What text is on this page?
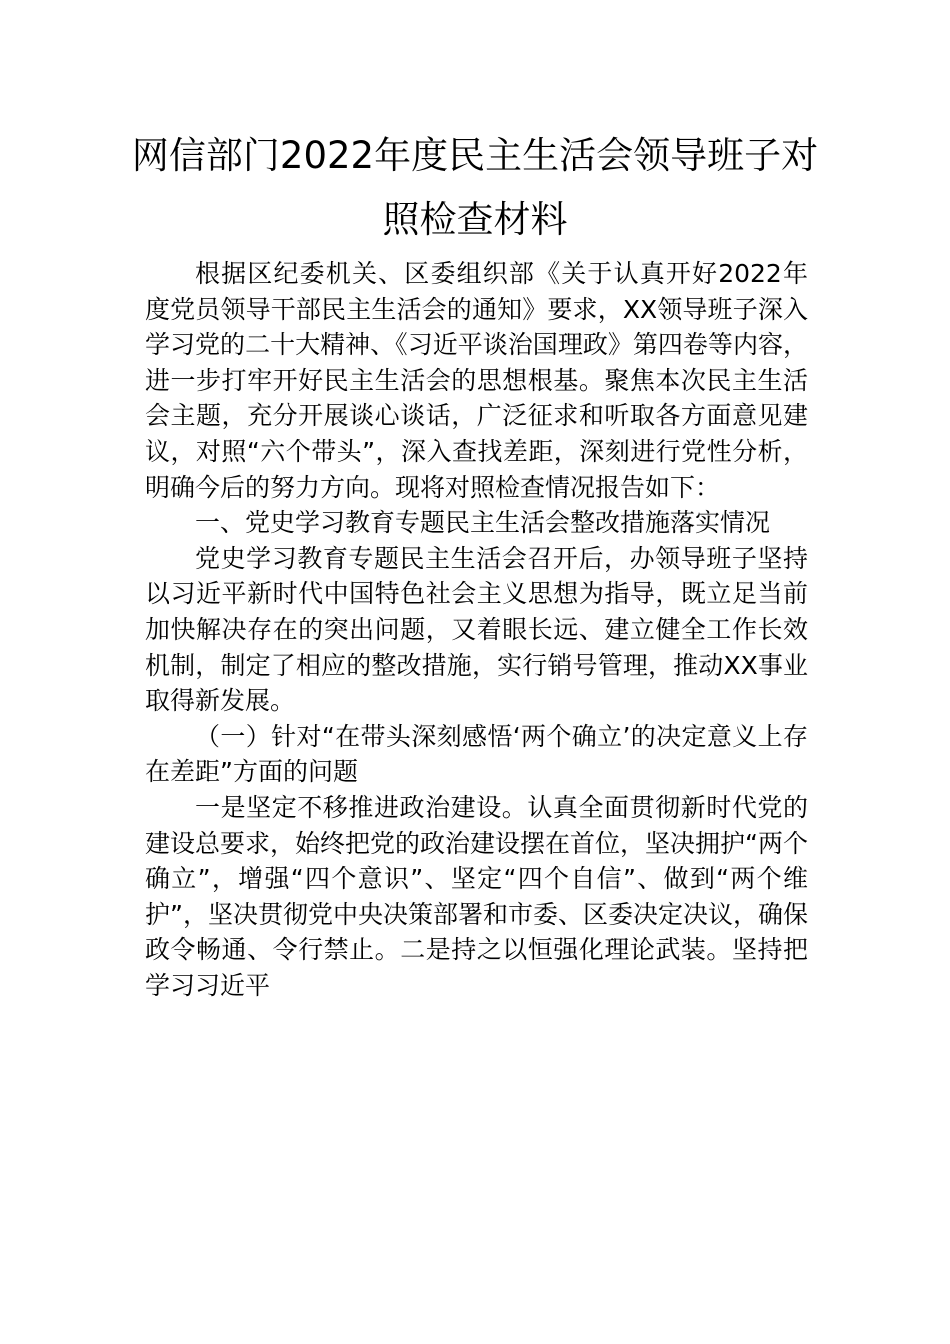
网信部门2022年度民主生活会领导班子对
照检查材料

根据区纪委机关、区委组织部《关于认真开好2022年度党员领导干部民主生活会的通知》要求，XX领导班子深入学习党的二十大精神、《习近平谈治国理政》第四卷等内容，进一步打牢开好民主生活会的思想根基。聚焦本次民主生活会主题，充分开展谈心谈话，广泛征求和听取各方面意见建议，对照“六个带头”，深入查找差距，深刻进行党性分析，明确今后的努力方向。现将对照检查情况报告如下：

一、党史学习教育专题民主生活会整改措施落实情况

党史学习教育专题民主生活会召开后，办领导班子坚持以习近平新时代中国特色社会主义思想为指导，既立足当前加快解决存在的突出问题，又着眼长远、建立健全工作长效机制，制定了相应的整改措施，实行销号管理，推动XX事业取得新发展。

（一）针对“在带头深刻感悟‘两个确立’的决定意义上存在差距”方面的问题

一是坚定不移推进政治建设。认真全面贯彻新时代党的建设总要求，始终把党的政治建设摆在首位，坚决拥护“两个确立”，增强“四个意识”、坚定“四个自信”、做到“两个维护”，坚决贯彻党中央决策部署和市委、区委决定决议，确保政令畅通、令行禁止。二是持之以恒强化理论武装。坚持把学习习近平
